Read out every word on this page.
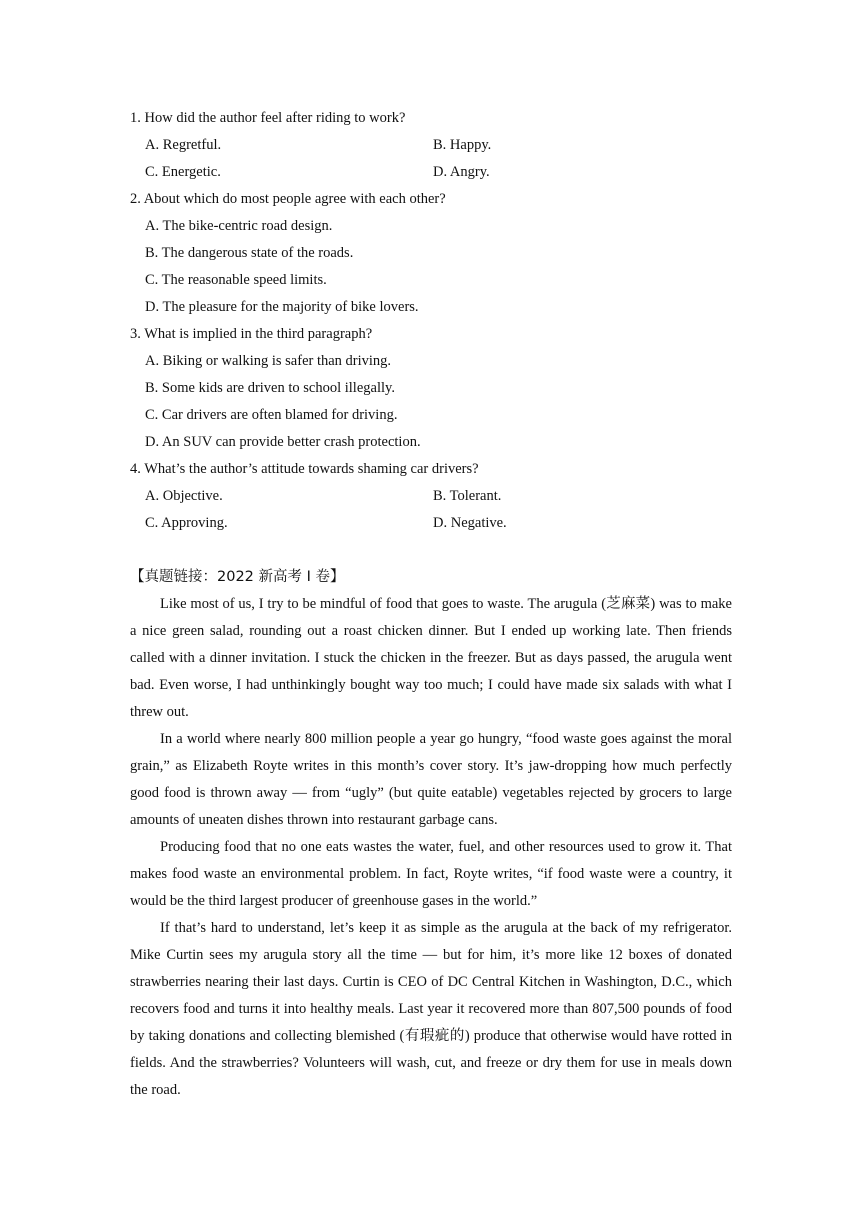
1. How did the author feel after riding to work?
A. Regretful.	B. Happy.
C. Energetic.	D. Angry.
2. About which do most people agree with each other?
A. The bike-centric road design.
B. The dangerous state of the roads.
C. The reasonable speed limits.
D. The pleasure for the majority of bike lovers.
3. What is implied in the third paragraph?
A. Biking or walking is safer than driving.
B. Some kids are driven to school illegally.
C. Car drivers are often blamed for driving.
D. An SUV can provide better crash protection.
4. What’s the author’s attitude towards shaming car drivers?
A. Objective.	B. Tolerant.
C. Approving.	D. Negative.
【真题链接：2022 新高考 I 卷】

Like most of us, I try to be mindful of food that goes to waste. The arugula (芝麻菜) was to make a nice green salad, rounding out a roast chicken dinner. But I ended up working late. Then friends called with a dinner invitation. I stuck the chicken in the freezer. But as days passed, the arugula went bad. Even worse, I had unthinkingly bought way too much; I could have made six salads with what I threw out.

In a world where nearly 800 million people a year go hungry, “food waste goes against the moral grain,” as Elizabeth Royte writes in this month’s cover story. It’s jaw-dropping how much perfectly good food is thrown away — from “ugly” (but quite eatable) vegetables rejected by grocers to large amounts of uneaten dishes thrown into restaurant garbage cans.

Producing food that no one eats wastes the water, fuel, and other resources used to grow it. That makes food waste an environmental problem. In fact, Royte writes, “if food waste were a country, it would be the third largest producer of greenhouse gases in the world.”

If that’s hard to understand, let’s keep it as simple as the arugula at the back of my refrigerator. Mike Curtin sees my arugula story all the time — but for him, it’s more like 12 boxes of donated strawberries nearing their last days. Curtin is CEO of DC Central Kitchen in Washington, D.C., which recovers food and turns it into healthy meals. Last year it recovered more than 807,500 pounds of food by taking donations and collecting blemished (有瑕疵的) produce that otherwise would have rotted in fields. And the strawberries? Volunteers will wash, cut, and freeze or dry them for use in meals down the road.
